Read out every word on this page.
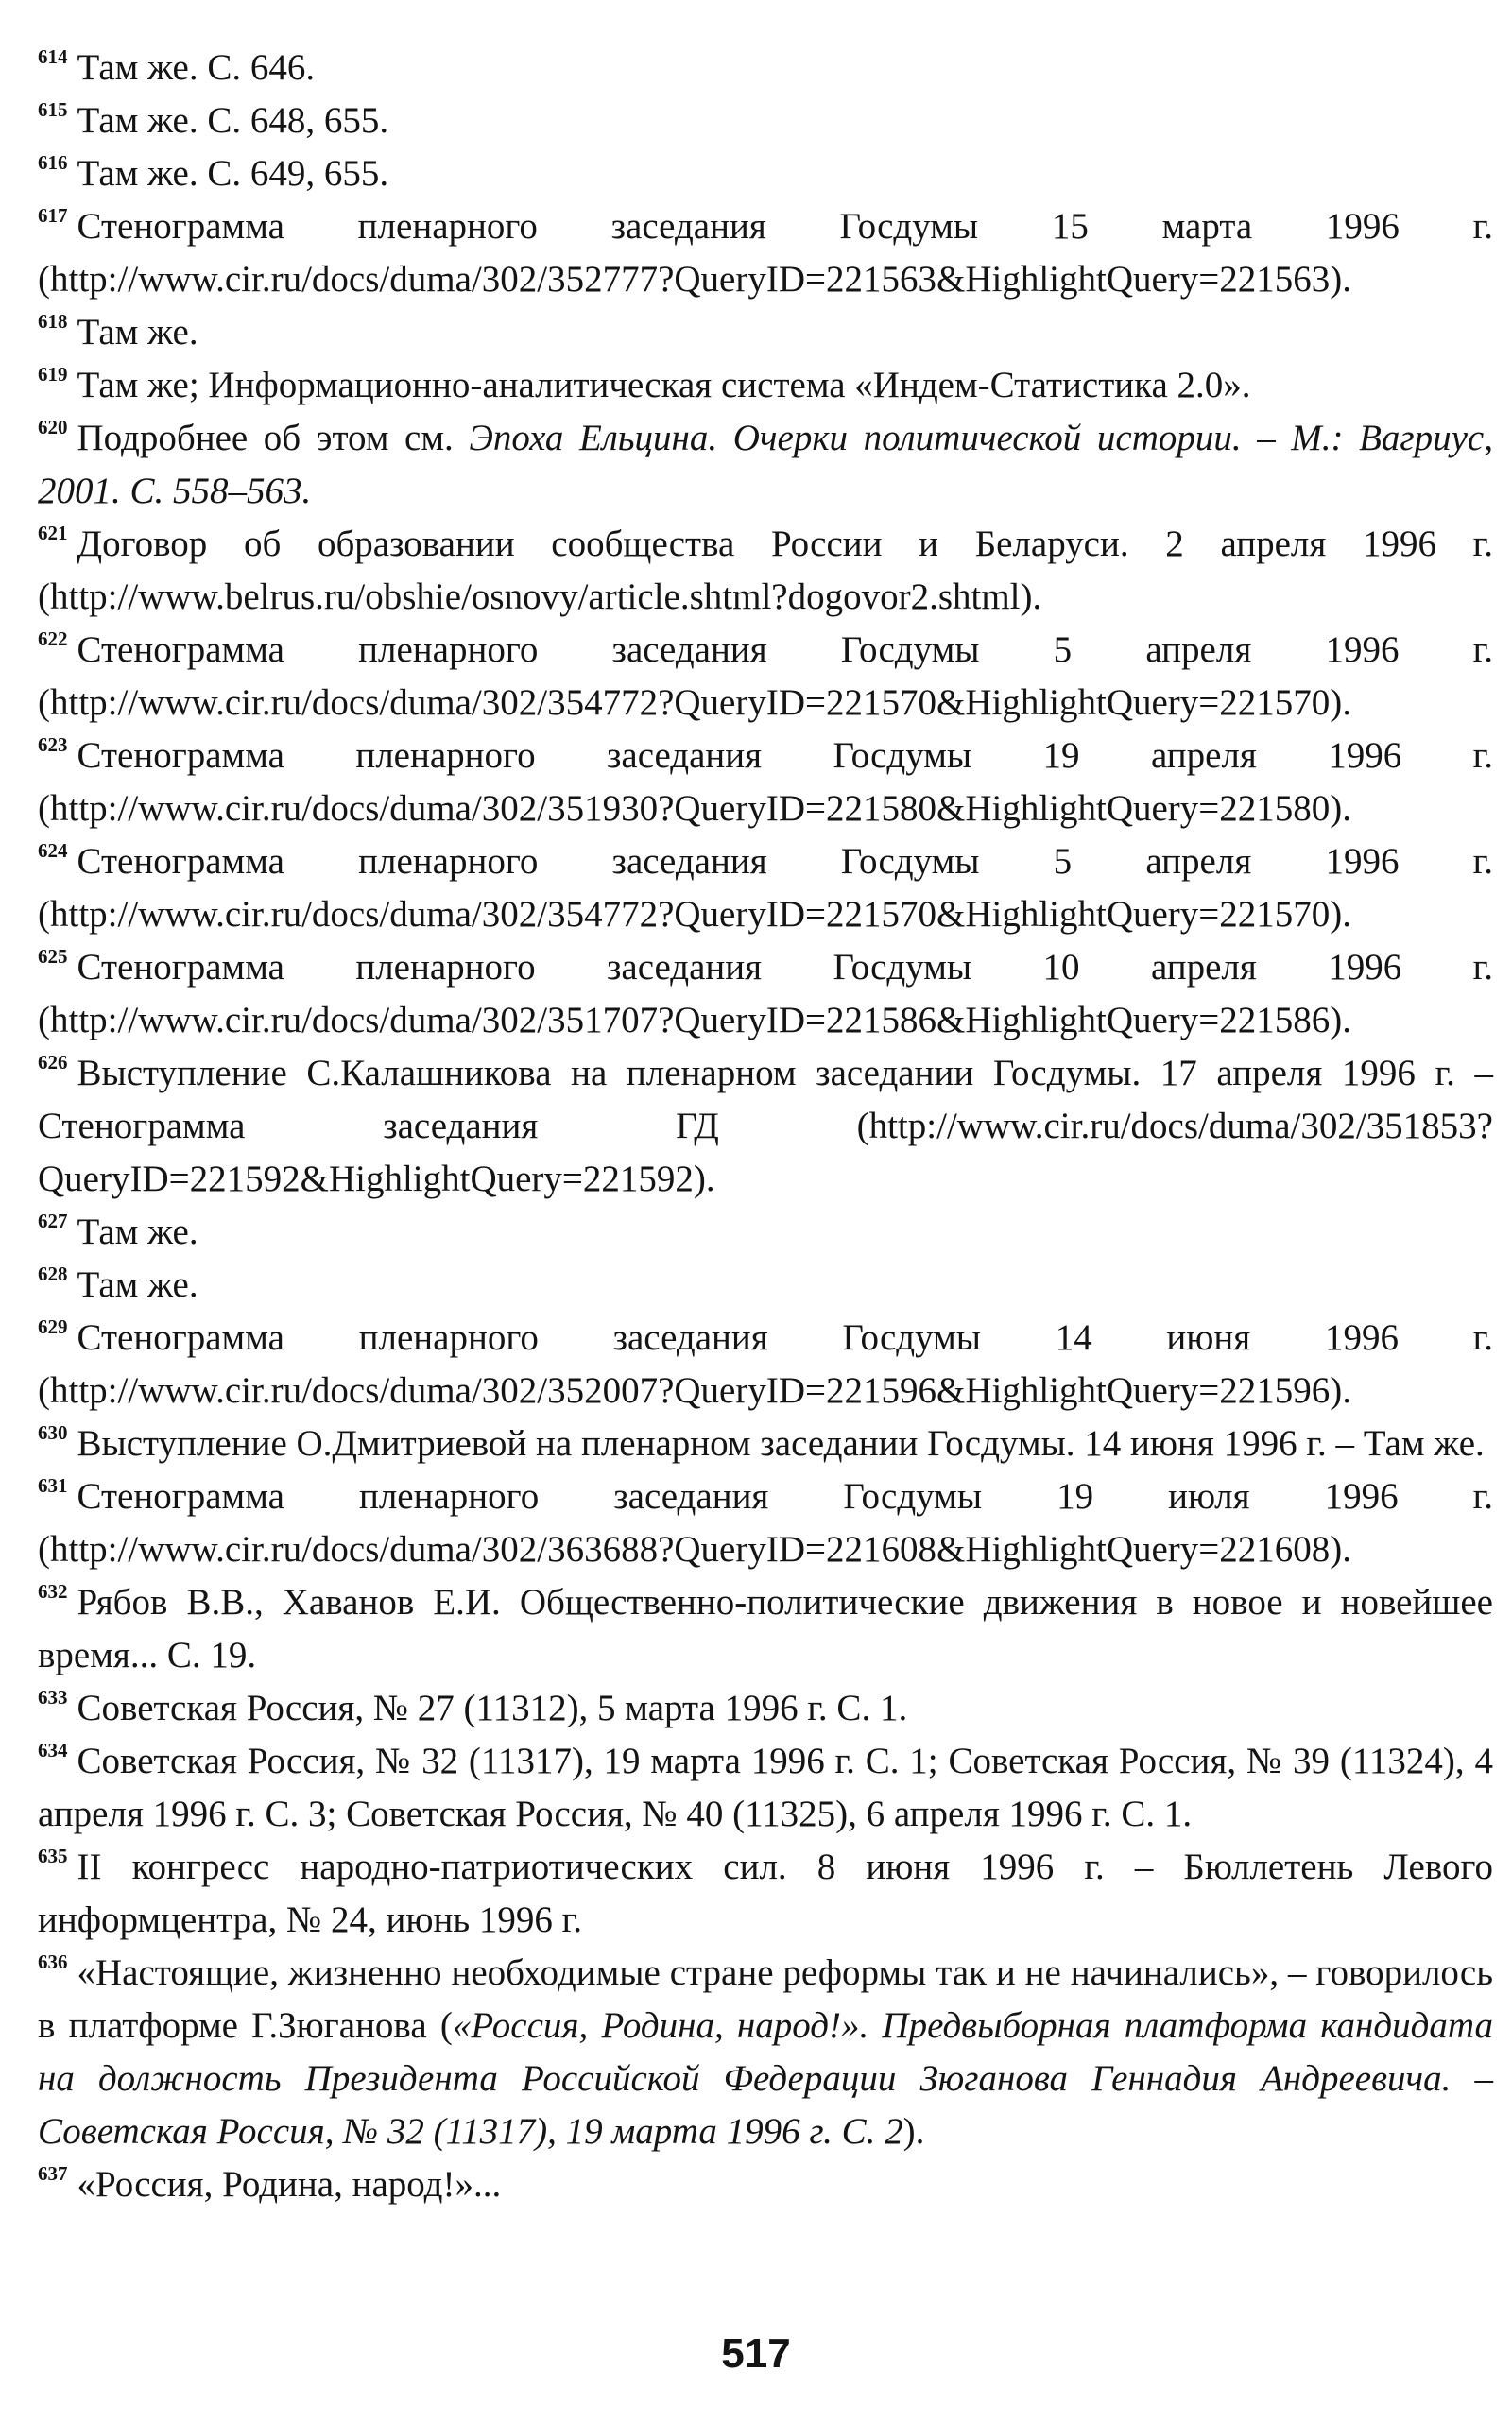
$^{614}$ Там же. С. 646.

$^{615}$ Там же. С. 648, 655.

$^{616}$ Там же. С. 649, 655.

$^{617}$ Стенограмма пленарного заседания Госдумы 15 марта 1996 г. (http://www.cir.ru/docs/duma/302/352777?QueryID=221563&HighlightQuery=221563).

$^{618}$ Там же.

$^{619}$ Там же; Информационно-аналитическая система «Индем-Статистика 2.0».

$^{620}$ Подробнее об этом см. Эпоха Ельцина. Очерки политической истории. – М.: Вагриус, 2001. С. 558–563.

$^{621}$ Договор об образовании сообщества России и Беларуси. 2 апреля 1996 г. (http://www.belrus.ru/obshie/osnovy/article.shtml?dogovor2.shtml).

$^{622}$ Стенограмма пленарного заседания Госдумы 5 апреля 1996 г. (http://www.cir.ru/docs/duma/302/354772?QueryID=221570&HighlightQuery=221570).

$^{623}$ Стенограмма пленарного заседания Госдумы 19 апреля 1996 г. (http://www.cir.ru/docs/duma/302/351930?QueryID=221580&HighlightQuery=221580).

$^{624}$ Стенограмма пленарного заседания Госдумы 5 апреля 1996 г. (http://www.cir.ru/docs/duma/302/354772?QueryID=221570&HighlightQuery=221570).

$^{625}$ Стенограмма пленарного заседания Госдумы 10 апреля 1996 г. (http://www.cir.ru/docs/duma/302/351707?QueryID=221586&HighlightQuery=221586).

$^{626}$ Выступление С.Калашникова на пленарном заседании Госдумы. 17 апреля 1996 г. – Стенограмма заседания ГД (http://www.cir.ru/docs/duma/302/351853?QueryID=221592&HighlightQuery=221592).

$^{627}$ Там же.

$^{628}$ Там же.

$^{629}$ Стенограмма пленарного заседания Госдумы 14 июня 1996 г. (http://www.cir.ru/docs/duma/302/352007?QueryID=221596&HighlightQuery=221596).

$^{630}$ Выступление О.Дмитриевой на пленарном заседании Госдумы. 14 июня 1996 г. – Там же.

$^{631}$ Стенограмма пленарного заседания Госдумы 19 июля 1996 г. (http://www.cir.ru/docs/duma/302/363688?QueryID=221608&HighlightQuery=221608).

$^{632}$ Рябов В.В., Хаванов Е.И. Общественно-политические движения в новое и новейшее время... С. 19.

$^{633}$ Советская Россия, № 27 (11312), 5 марта 1996 г. С. 1.

$^{634}$ Советская Россия, № 32 (11317), 19 марта 1996 г. С. 1; Советская Россия, № 39 (11324), 4 апреля 1996 г. С. 3; Советская Россия, № 40 (11325), 6 апреля 1996 г. С. 1.

$^{635}$ II конгресс народно-патриотических сил. 8 июня 1996 г. – Бюллетень Левого информцентра, № 24, июнь 1996 г.

$^{636}$ «Настоящие, жизненно необходимые стране реформы так и не начинались», – говорилось в платформе Г.Зюганова («Россия, Родина, народ!». Предвыборная платформа кандидата на должность Президента Российской Федерации Зюганова Геннадия Андреевича. – Советская Россия, № 32 (11317), 19 марта 1996 г. С. 2).

$^{637}$ «Россия, Родина, народ!»...

517
